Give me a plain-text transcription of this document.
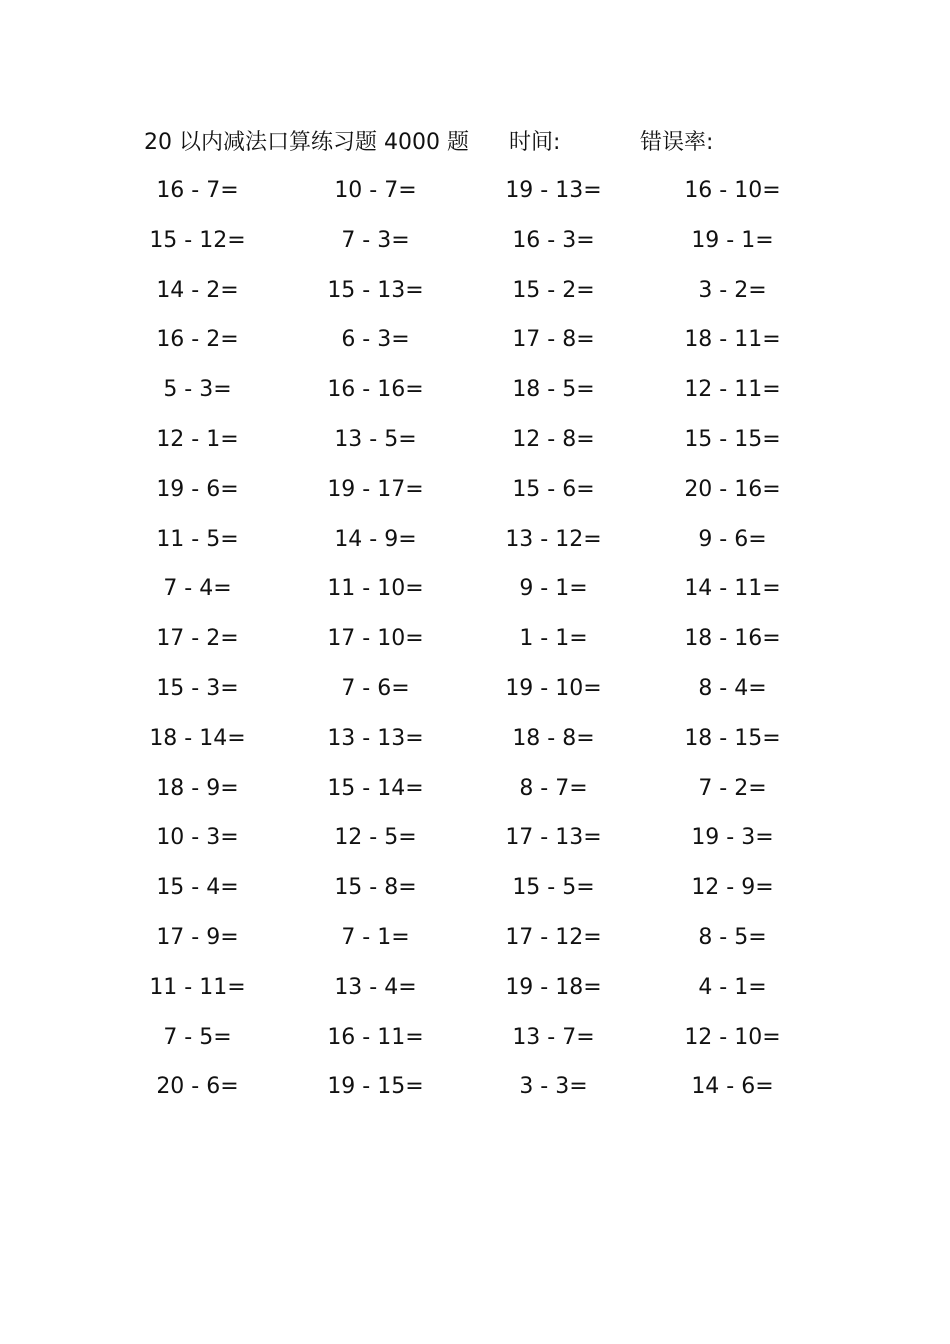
20 以内减法口算练习题 4000 题 时间:	错误率:
16 - 7=	10 - 7=	19 - 13=	16 - 10=
15 - 12=	7 - 3=	16 - 3=	19 - 1=
14 - 2=	15 - 13=	15 - 2=	3 - 2=
16 - 2=	6 - 3=	17 - 8=	18 - 11=
5 - 3=	16 - 16=	18 - 5=	12 - 11=
12 - 1=	13 - 5=	12 - 8=	15 - 15=
19 - 6=	19 - 17=	15 - 6=	20 - 16=
11 - 5=	14 - 9=	13 - 12=	9 - 6=
7 - 4=	11 - 10=	9 - 1=	14 - 11=
17 - 2=	17 - 10=	1 - 1=	18 - 16=
15 - 3=	7 - 6=	19 - 10=	8 - 4=
18 - 14=	13 - 13=	18 - 8=	18 - 15=
18 - 9=	15 - 14=	8 - 7=	7 - 2=
10 - 3=	12 - 5=	17 - 13=	19 - 3=
15 - 4=	15 - 8=	15 - 5=	12 - 9=
17 - 9=	7 - 1=	17 - 12=	8 - 5=
11 - 11=	13 - 4=	19 - 18=	4 - 1=
7 - 5=	16 - 11=	13 - 7=	12 - 10=
20 - 6=	19 - 15=	3 - 3=	14 - 6=
